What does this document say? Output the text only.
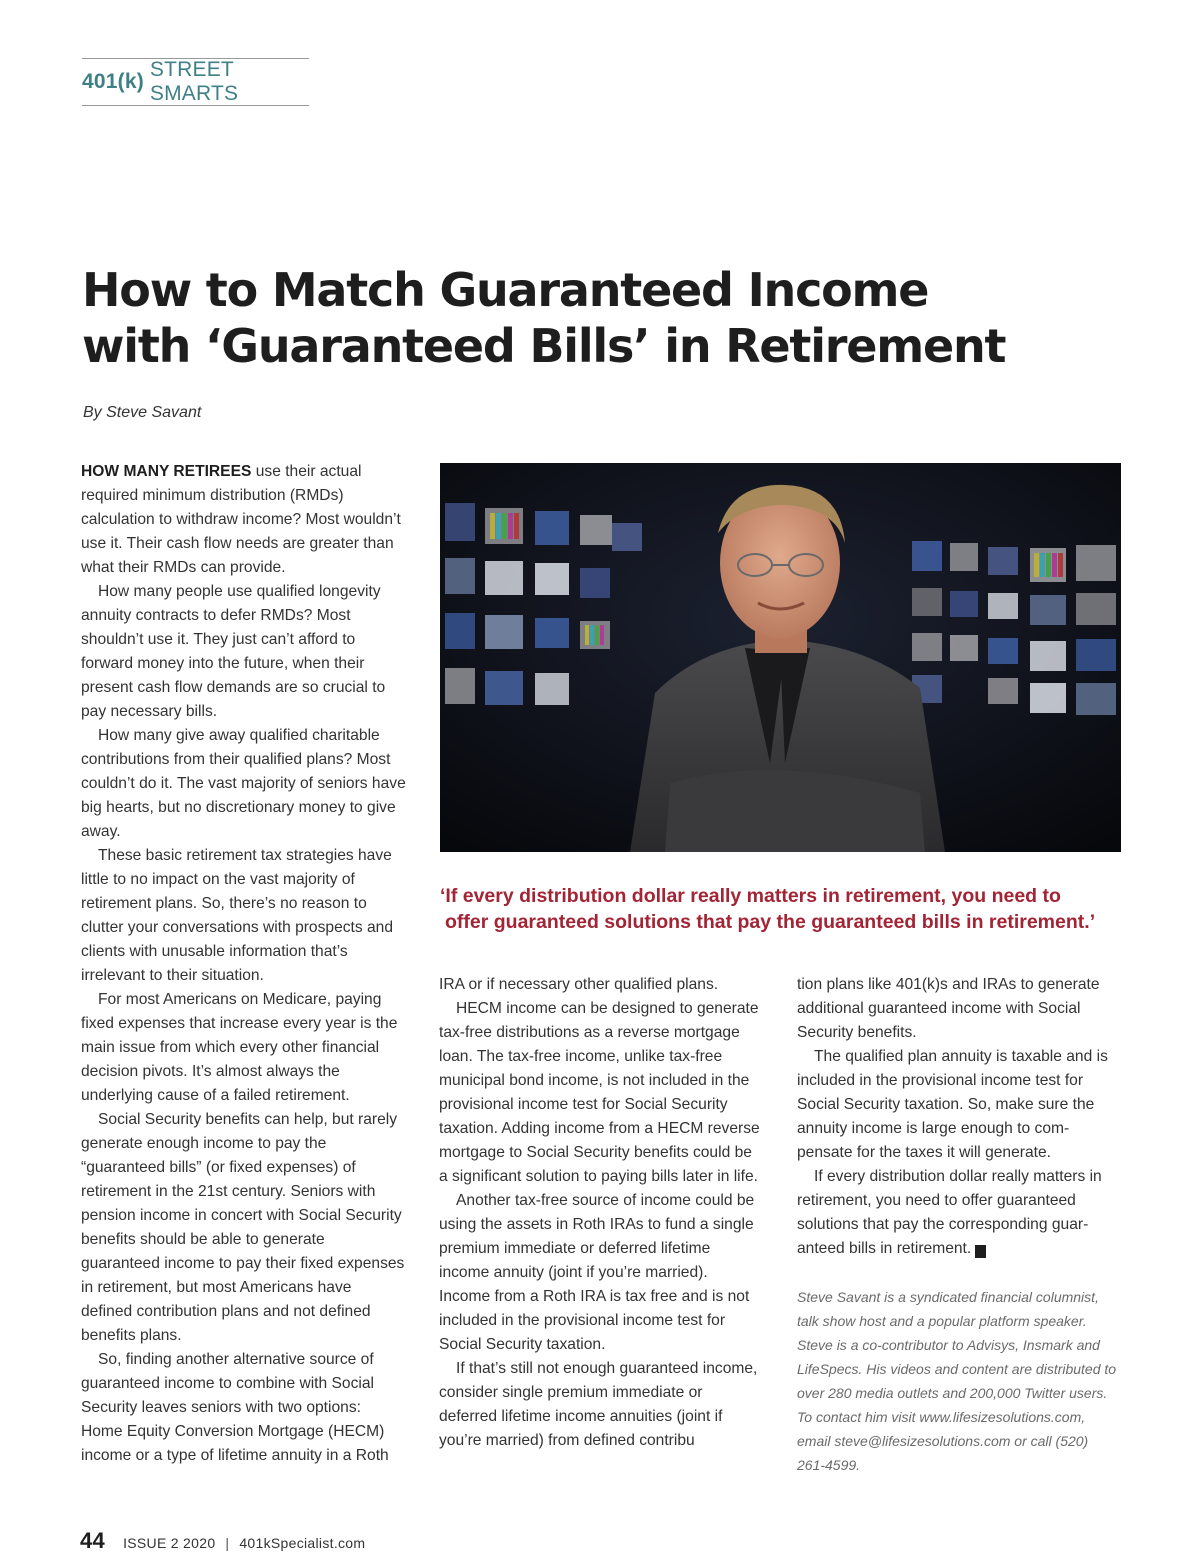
401(k)
STREET SMARTS
How to Match Guaranteed Income
with ‘Guaranteed Bills’ in Retirement
By Steve Savant

HOW MANY RETIREES use their actual required minimum distribution (RMDs) calculation to withdraw income? Most wouldn’t use it. Their cash flow needs are greater than what their RMDs can provide.

How many people use qualified longevity annuity contracts to defer RMDs? Most shouldn’t use it. They just can’t afford to forward money into the future, when their present cash flow demands are so crucial to pay necessary bills.

How many give away qualified charitable contributions from their qualified plans? Most couldn’t do it. The vast majority of seniors have big hearts, but no discretionary money to give away.

These basic retirement tax strategies have little to no impact on the vast majority of retirement plans. So, there’s no reason to clutter your conversations with prospects and clients with unusable information that’s irrelevant to their situation.

For most Americans on Medicare, paying fixed expenses that increase every year is the main issue from which every other financial decision pivots. It’s almost always the underlying cause of a failed retirement.

Social Security benefits can help, but rarely generate enough income to pay the “guaranteed bills” (or fixed expenses) of retirement in the 21st century. Seniors with pension income in concert with Social Security benefits should be able to generate guaranteed income to pay their fixed expenses in retirement, but most Americans have defined contribution plans and not defined benefits plans.

So, finding another alternative source of guaranteed income to combine with Social Security leaves seniors with two options: Home Equity Conversion Mortgage (HECM) income or a type of lifetime annuity in a Roth

‘If every distribution dollar really matters in retirement, you need to
offer guaranteed solutions that pay the guaranteed bills in retirement.’

IRA or if necessary other qualified plans.

HECM income can be designed to generate tax-free distributions as a reverse mortgage loan. The tax-free income, unlike tax-free municipal bond income, is not included in the provisional income test for Social Security taxation. Adding income from a HECM reverse mortgage to Social Security benefits could be a significant solution to paying bills later in life.

Another tax-free source of income could be using the assets in Roth IRAs to fund a single premium immediate or deferred lifetime income annuity (joint if you’re married). Income from a Roth IRA is tax free and is not included in the provisional income test for Social Security taxation.

If that’s still not enough guaranteed income, consider single premium immediate or deferred lifetime income annuities (joint if you’re married) from defined contribu

tion plans like 401(k)s and IRAs to generate additional guaranteed income with Social Security benefits.

The qualified plan annuity is taxable and is included in the provisional income test for Social Security taxation. So, make sure the annuity income is large enough to compensate for the taxes it will generate.

If every distribution dollar really matters in retirement, you need to offer guaranteed solutions that pay the corresponding guaranteed bills in retirement. K

Steve Savant is a syndicated financial columnist, talk show host and a popular platform speaker. Steve is a co-contributor to Advisys, Insmark and LifeSpecs. His videos and content are distributed to over 280 media outlets and 200,000 Twitter users. To contact him visit www.lifesizesolutions.com, email steve@lifesizesolutions.com or call (520) 261-4599.
44 ISSUE 2 2020 | 401kSpecialist.com
